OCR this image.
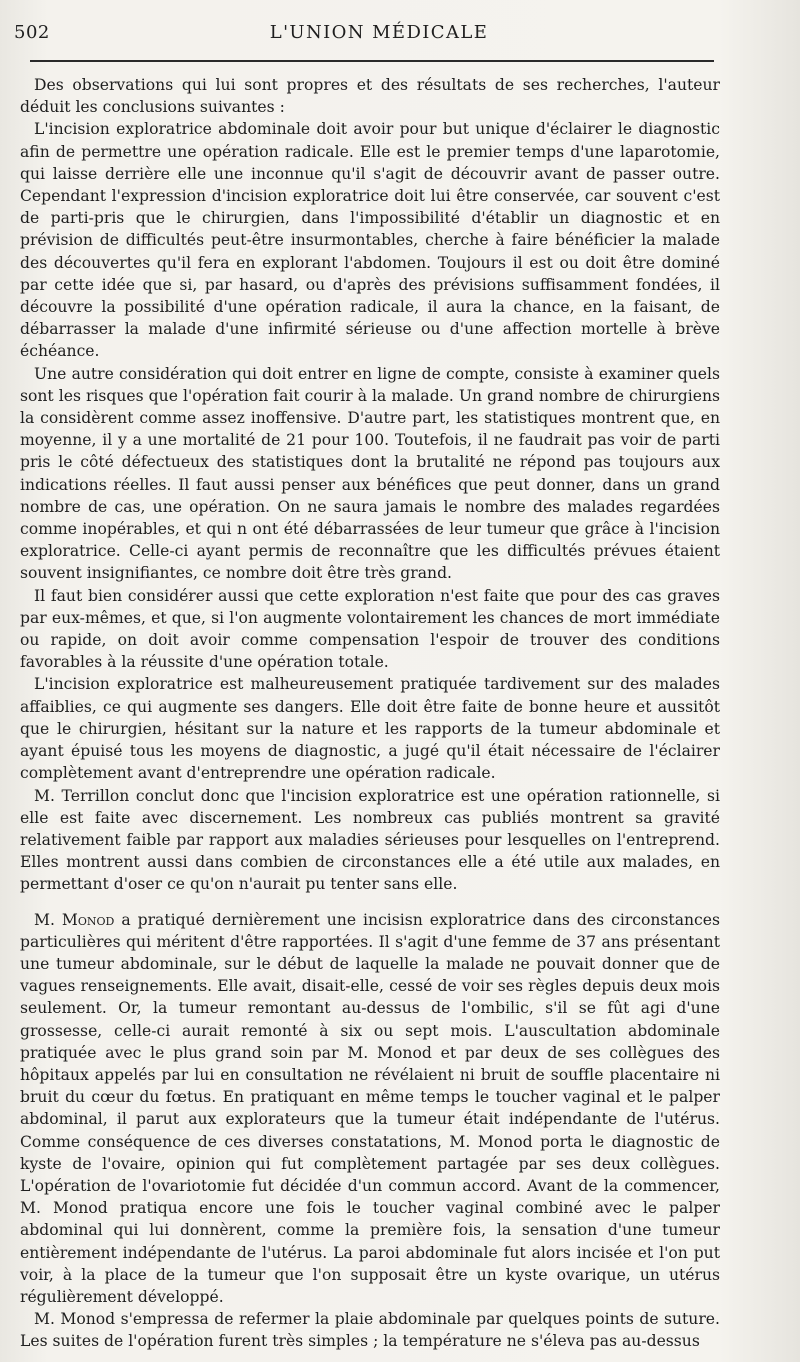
502	L'UNION MÉDICALE

Des observations qui lui sont propres et des résultats de ses recherches, l'auteur déduit les conclusions suivantes :

L'incision exploratrice abdominale doit avoir pour but unique d'éclairer le diagnostic afin de permettre une opération radicale. Elle est le premier temps d'une laparotomie, qui laisse derrière elle une inconnue qu'il s'agit de découvrir avant de passer outre. Cependant l'expression d'incision exploratrice doit lui être conservée, car souvent c'est de parti-pris que le chirurgien, dans l'impossibilité d'établir un diagnostic et en prévision de difficultés peut-être insurmontables, cherche à faire bénéficier la malade des découvertes qu'il fera en explorant l'abdomen. Toujours il est ou doit être dominé par cette idée que si, par hasard, ou d'après des prévisions suffisamment fondées, il découvre la possibilité d'une opération radicale, il aura la chance, en la faisant, de débarrasser la malade d'une infirmité sérieuse ou d'une affection mortelle à brève échéance.

Une autre considération qui doit entrer en ligne de compte, consiste à examiner quels sont les risques que l'opération fait courir à la malade. Un grand nombre de chirurgiens la considèrent comme assez inoffensive. D'autre part, les statistiques montrent que, en moyenne, il y a une mortalité de 21 pour 100. Toutefois, il ne faudrait pas voir de parti pris le côté défectueux des statistiques dont la brutalité ne répond pas toujours aux indications réelles. Il faut aussi penser aux bénéfices que peut donner, dans un grand nombre de cas, une opération. On ne saura jamais le nombre des malades regardées comme inopérables, et qui n ont été débarrassées de leur tumeur que grâce à l'incision exploratrice. Celle-ci ayant permis de reconnaître que les difficultés prévues étaient souvent insignifiantes, ce nombre doit être très grand.

Il faut bien considérer aussi que cette exploration n'est faite que pour des cas graves par eux-mêmes, et que, si l'on augmente volontairement les chances de mort immédiate ou rapide, on doit avoir comme compensation l'espoir de trouver des conditions favorables à la réussite d'une opération totale.

L'incision exploratrice est malheureusement pratiquée tardivement sur des malades affaiblies, ce qui augmente ses dangers. Elle doit être faite de bonne heure et aussitôt que le chirurgien, hésitant sur la nature et les rapports de la tumeur abdominale et ayant épuisé tous les moyens de diagnostic, a jugé qu'il était nécessaire de l'éclairer complètement avant d'entreprendre une opération radicale.

M. Terrillon conclut donc que l'incision exploratrice est une opération rationnelle, si elle est faite avec discernement. Les nombreux cas publiés montrent sa gravité relativement faible par rapport aux maladies sérieuses pour lesquelles on l'entreprend. Elles montrent aussi dans combien de circonstances elle a été utile aux malades, en permettant d'oser ce qu'on n'aurait pu tenter sans elle.

M. Monod a pratiqué dernièrement une incisisn exploratrice dans des circonstances particulières qui méritent d'être rapportées. Il s'agit d'une femme de 37 ans présentant une tumeur abdominale, sur le début de laquelle la malade ne pouvait donner que de vagues renseignements. Elle avait, disait-elle, cessé de voir ses règles depuis deux mois seulement. Or, la tumeur remontant au-dessus de l'ombilic, s'il se fût agi d'une grossesse, celle-ci aurait remonté à six ou sept mois. L'auscultation abdominale pratiquée avec le plus grand soin par M. Monod et par deux de ses collègues des hôpitaux appelés par lui en consultation ne révélaient ni bruit de souffle placentaire ni bruit du cœur du fœtus. En pratiquant en même temps le toucher vaginal et le palper abdominal, il parut aux explorateurs que la tumeur était indépendante de l'utérus. Comme conséquence de ces diverses constatations, M. Monod porta le diagnostic de kyste de l'ovaire, opinion qui fut complètement partagée par ses deux collègues. L'opération de l'ovariotomie fut décidée d'un commun accord. Avant de la commencer, M. Monod pratiqua encore une fois le toucher vaginal combiné avec le palper abdominal qui lui donnèrent, comme la première fois, la sensation d'une tumeur entièrement indépendante de l'utérus. La paroi abdominale fut alors incisée et l'on put voir, à la place de la tumeur que l'on supposait être un kyste ovarique, un utérus régulièrement développé.

M. Monod s'empressa de refermer la plaie abdominale par quelques points de suture. Les suites de l'opération furent très simples ; la température ne s'éleva pas au-dessus
